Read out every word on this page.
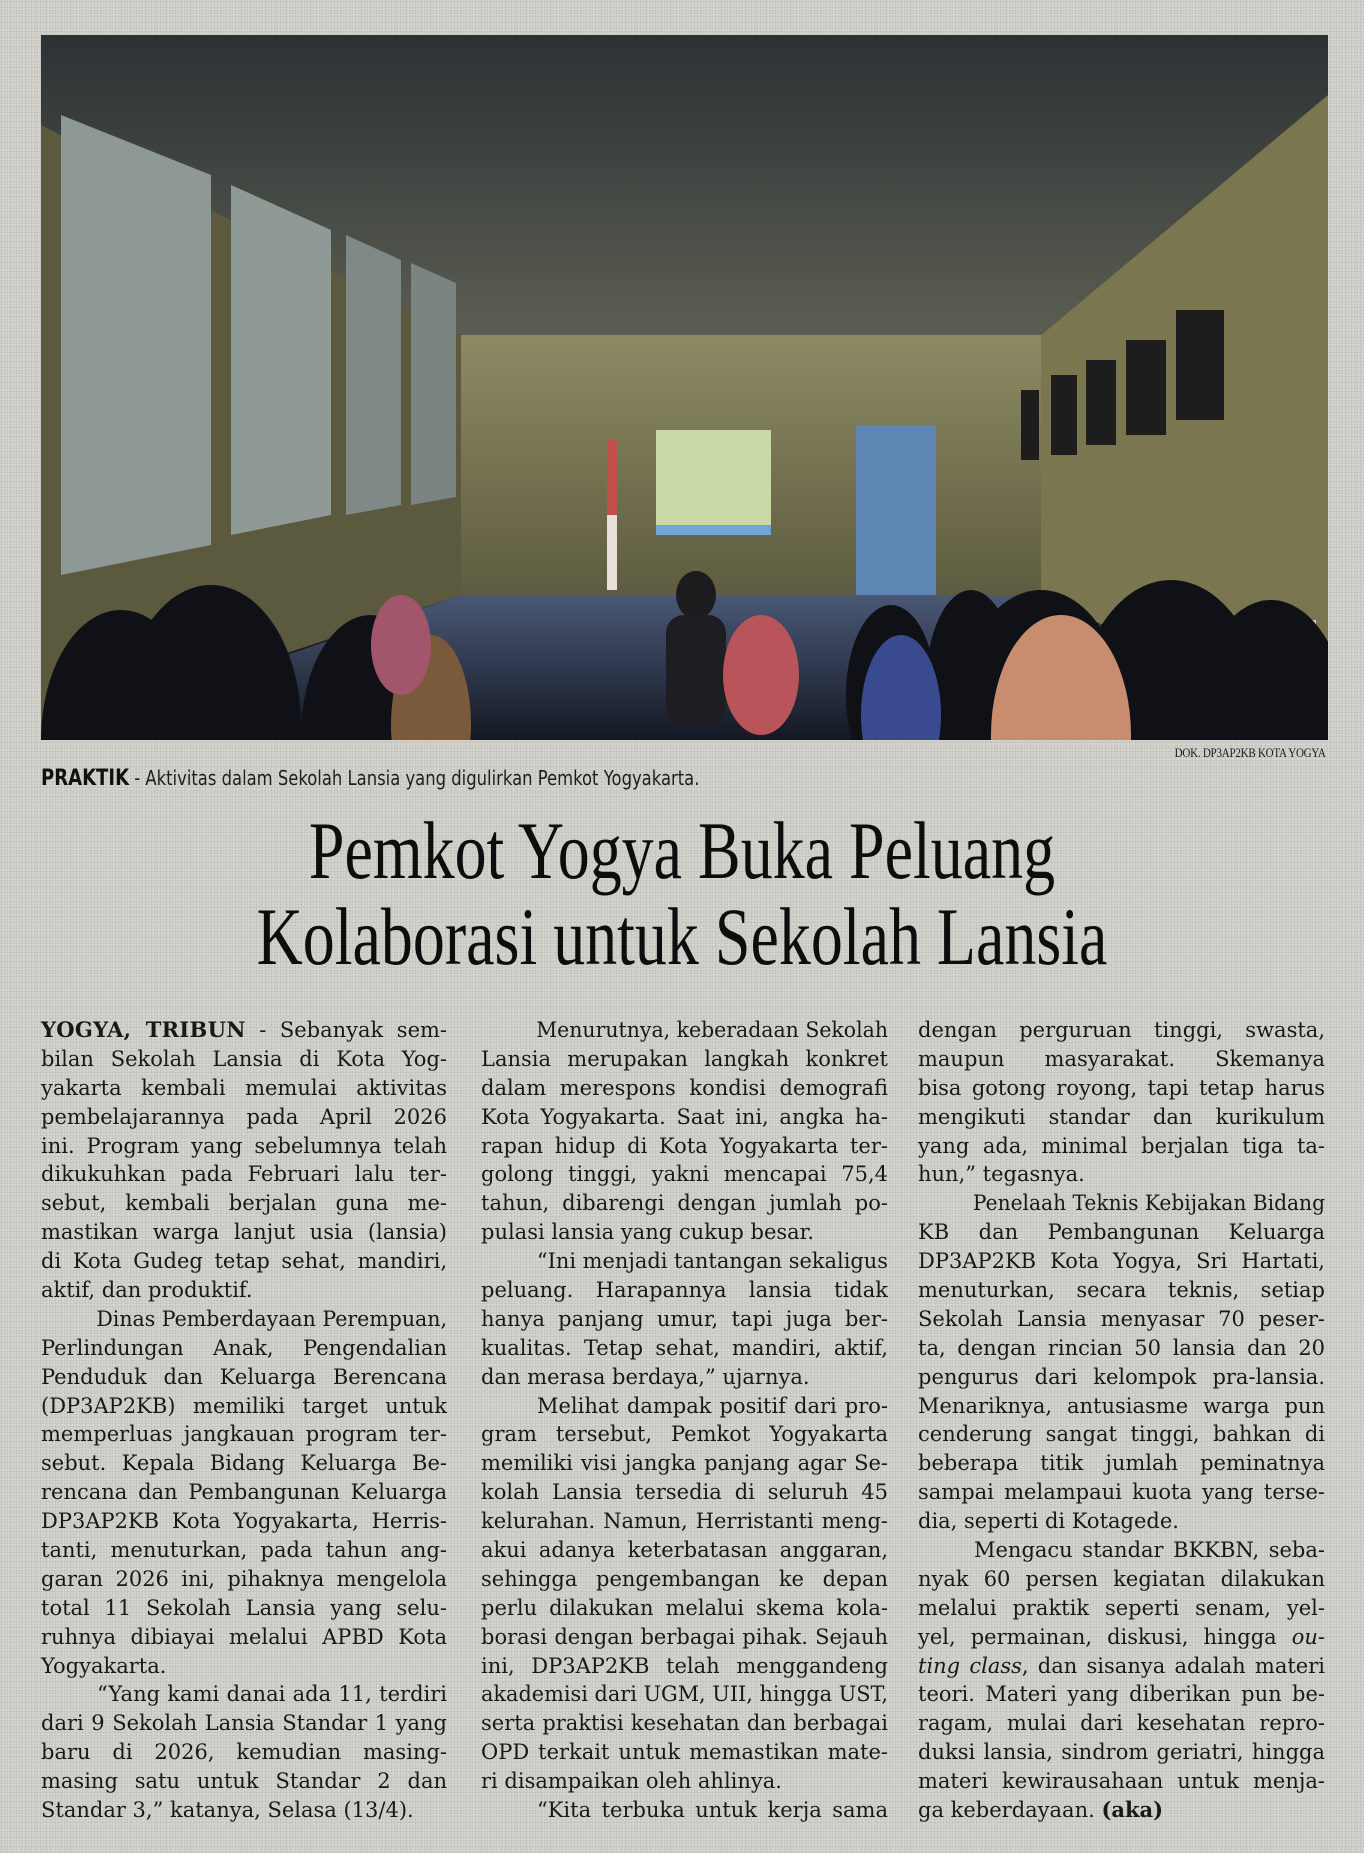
DOK. DP3AP2KB KOTA YOGYA
PRAKTIK - Aktivitas dalam Sekolah Lansia yang digulirkan Pemkot Yogyakarta.
Pemkot Yogya Buka Peluang
Kolaborasi untuk Sekolah Lansia
YOGYA, TRIBUN - Sebanyak sem-
bilan Sekolah Lansia di Kota Yog-
yakarta kembali memulai aktivitas
pembelajarannya pada April 2026
ini. Program yang sebelumnya telah
dikukuhkan pada Februari lalu ter-
sebut, kembali berjalan guna me-
mastikan warga lanjut usia (lansia)
di Kota Gudeg tetap sehat, mandiri,
aktif, dan produktif.
Dinas Pemberdayaan Perempuan,
Perlindungan Anak, Pengendalian
Penduduk dan Keluarga Berencana
(DP3AP2KB) memiliki target untuk
memperluas jangkauan program ter-
sebut. Kepala Bidang Keluarga Be-
rencana dan Pembangunan Keluarga
DP3AP2KB Kota Yogyakarta, Herris-
tanti, menuturkan, pada tahun ang-
garan 2026 ini, pihaknya mengelola
total 11 Sekolah Lansia yang selu-
ruhnya dibiayai melalui APBD Kota
Yogyakarta.
“Yang kami danai ada 11, terdiri
dari 9 Sekolah Lansia Standar 1 yang
baru di 2026, kemudian masing-
masing satu untuk Standar 2 dan
Standar 3,” katanya, Selasa (13/4).
Menurutnya, keberadaan Sekolah
Lansia merupakan langkah konkret
dalam merespons kondisi demografi
Kota Yogyakarta. Saat ini, angka ha-
rapan hidup di Kota Yogyakarta ter-
golong tinggi, yakni mencapai 75,4
tahun, dibarengi dengan jumlah po-
pulasi lansia yang cukup besar.
“Ini menjadi tantangan sekaligus
peluang. Harapannya lansia tidak
hanya panjang umur, tapi juga ber-
kualitas. Tetap sehat, mandiri, aktif,
dan merasa berdaya,” ujarnya.
Melihat dampak positif dari pro-
gram tersebut, Pemkot Yogyakarta
memiliki visi jangka panjang agar Se-
kolah Lansia tersedia di seluruh 45
kelurahan. Namun, Herristanti meng-
akui adanya keterbatasan anggaran,
sehingga pengembangan ke depan
perlu dilakukan melalui skema kola-
borasi dengan berbagai pihak. Sejauh
ini, DP3AP2KB telah menggandeng
akademisi dari UGM, UII, hingga UST,
serta praktisi kesehatan dan berbagai
OPD terkait untuk memastikan mate-
ri disampaikan oleh ahlinya.
“Kita terbuka untuk kerja sama
dengan perguruan tinggi, swasta,
maupun masyarakat. Skemanya
bisa gotong royong, tapi tetap harus
mengikuti standar dan kurikulum
yang ada, minimal berjalan tiga ta-
hun,” tegasnya.
Penelaah Teknis Kebijakan Bidang
KB dan Pembangunan Keluarga
DP3AP2KB Kota Yogya, Sri Hartati,
menuturkan, secara teknis, setiap
Sekolah Lansia menyasar 70 peser-
ta, dengan rincian 50 lansia dan 20
pengurus dari kelompok pra-lansia.
Menariknya, antusiasme warga pun
cenderung sangat tinggi, bahkan di
beberapa titik jumlah peminatnya
sampai melampaui kuota yang terse-
dia, seperti di Kotagede.
Mengacu standar BKKBN, seba-
nyak 60 persen kegiatan dilakukan
melalui praktik seperti senam, yel-
yel, permainan, diskusi, hingga ou-
ting class, dan sisanya adalah materi
teori. Materi yang diberikan pun be-
ragam, mulai dari kesehatan repro-
duksi lansia, sindrom geriatri, hingga
materi kewirausahaan untuk menja-
ga keberdayaan. (aka)
